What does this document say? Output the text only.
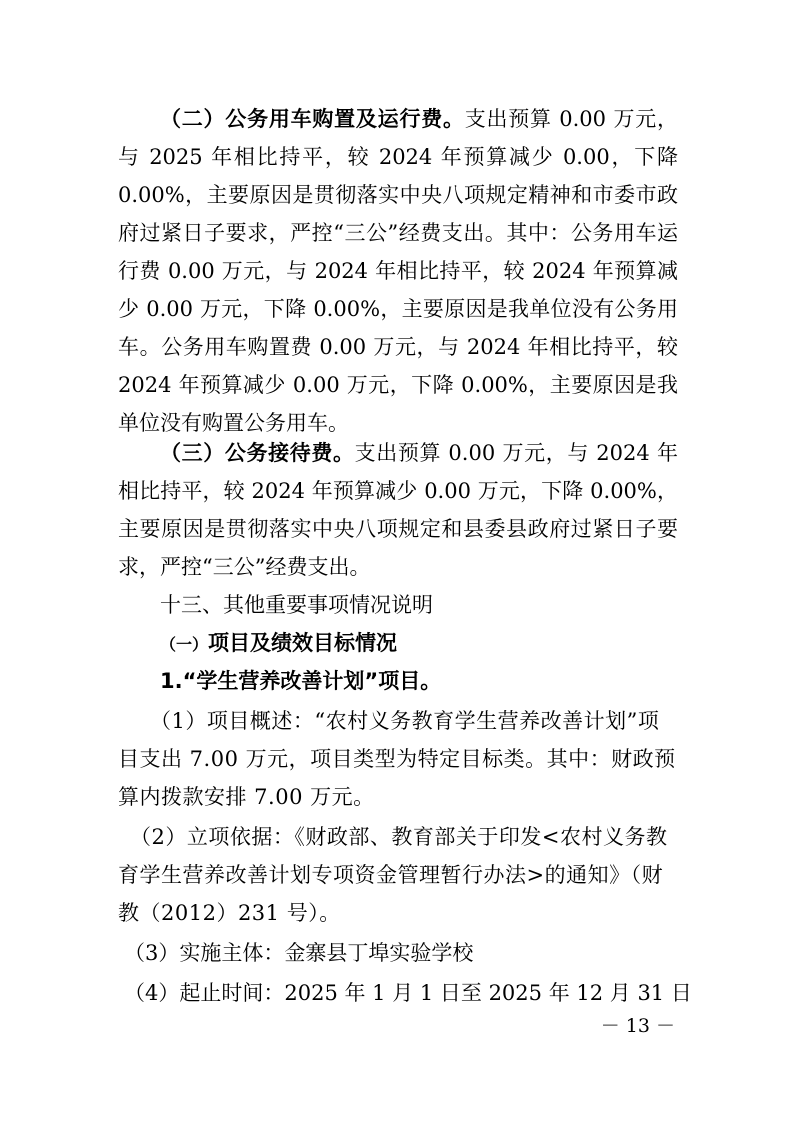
（二）公务用车购置及运行费。支出预算 0.00 万元，与 2025 年相比持平，较 2024 年预算减少 0.00，下降 0.00%，主要原因是贯彻落实中央八项规定精神和市委市政府过紧日子要求，严控“三公”经费支出。其中：公务用车运行费 0.00 万元，与 2024 年相比持平，较 2024 年预算减少 0.00 万元，下降 0.00%，主要原因是我单位没有公务用车。公务用车购置费 0.00 万元，与 2024 年相比持平，较 2024 年预算减少 0.00 万元，下降 0.00%，主要原因是我单位没有购置公务用车。

（三）公务接待费。支出预算 0.00 万元，与 2024 年相比持平，较 2024 年预算减少 0.00 万元，下降 0.00%，主要原因是贯彻落实中央八项规定和县委县政府过紧日子要求，严控“三公”经费支出。

十三、其他重要事项情况说明

（一）项目及绩效目标情况

1.“学生营养改善计划”项目。

（1）项目概述：“农村义务教育学生营养改善计划”项目支出 7.00 万元，项目类型为特定目标类。其中：财政预算内拨款安排 7.00 万元。

（2）立项依据：《财政部、教育部关于印发<农村义务教育学生营养改善计划专项资金管理暂行办法>的通知》（财教（2012）231 号）。

（3）实施主体：金寨县丁埠实验学校

（4）起止时间：2025 年 1 月 1 日至 2025 年 12 月 31 日

－ 13 －
